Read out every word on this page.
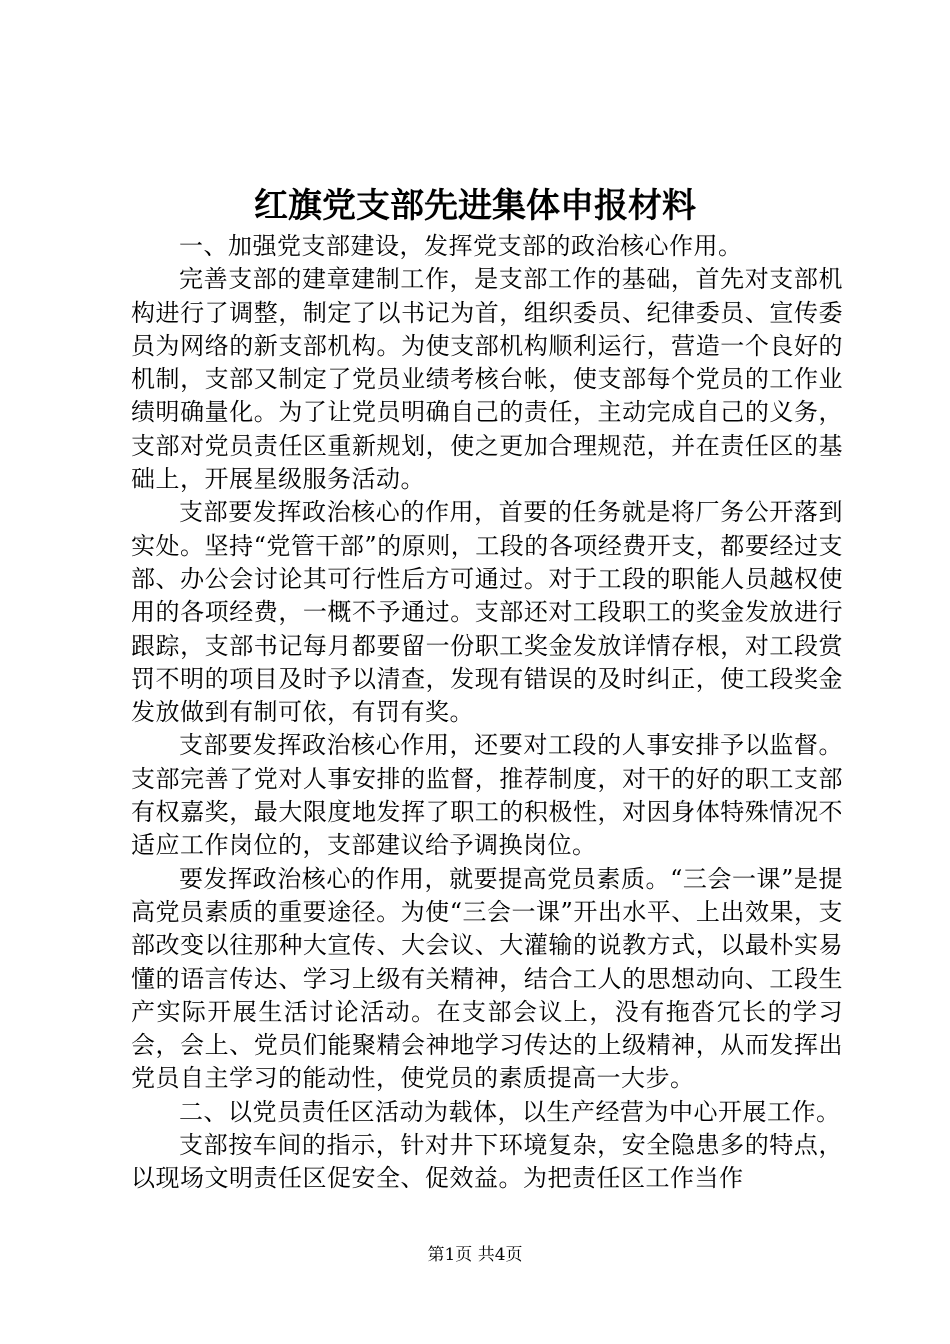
红旗党支部先进集体申报材料

一、加强党支部建设，发挥党支部的政治核心作用。

完善支部的建章建制工作，是支部工作的基础，首先对支部机构进行了调整，制定了以书记为首，组织委员、纪律委员、宣传委员为网络的新支部机构。为使支部机构顺利运行，营造一个良好的机制，支部又制定了党员业绩考核台帐，使支部每个党员的工作业绩明确量化。为了让党员明确自己的责任，主动完成自己的义务，支部对党员责任区重新规划，使之更加合理规范，并在责任区的基础上，开展星级服务活动。

支部要发挥政治核心的作用，首要的任务就是将厂务公开落到实处。坚持“党管干部”的原则，工段的各项经费开支，都要经过支部、办公会讨论其可行性后方可通过。对于工段的职能人员越权使用的各项经费，一概不予通过。支部还对工段职工的奖金发放进行跟踪，支部书记每月都要留一份职工奖金发放详情存根，对工段赏罚不明的项目及时予以清查，发现有错误的及时纠正，使工段奖金发放做到有制可依，有罚有奖。

支部要发挥政治核心作用，还要对工段的人事安排予以监督。支部完善了党对人事安排的监督，推荐制度，对干的好的职工支部有权嘉奖，最大限度地发挥了职工的积极性，对因身体特殊情况不适应工作岗位的，支部建议给予调换岗位。

要发挥政治核心的作用，就要提高党员素质。“三会一课”是提高党员素质的重要途径。为使“三会一课”开出水平、上出效果，支部改变以往那种大宣传、大会议、大灌输的说教方式，以最朴实易懂的语言传达、学习上级有关精神，结合工人的思想动向、工段生产实际开展生活讨论活动。在支部会议上，没有拖沓冗长的学习会，会上、党员们能聚精会神地学习传达的上级精神，从而发挥出党员自主学习的能动性，使党员的素质提高一大步。

二、以党员责任区活动为载体，以生产经营为中心开展工作。

支部按车间的指示，针对井下环境复杂，安全隐患多的特点，以现场文明责任区促安全、促效益。为把责任区工作当作

第1页 共4页
